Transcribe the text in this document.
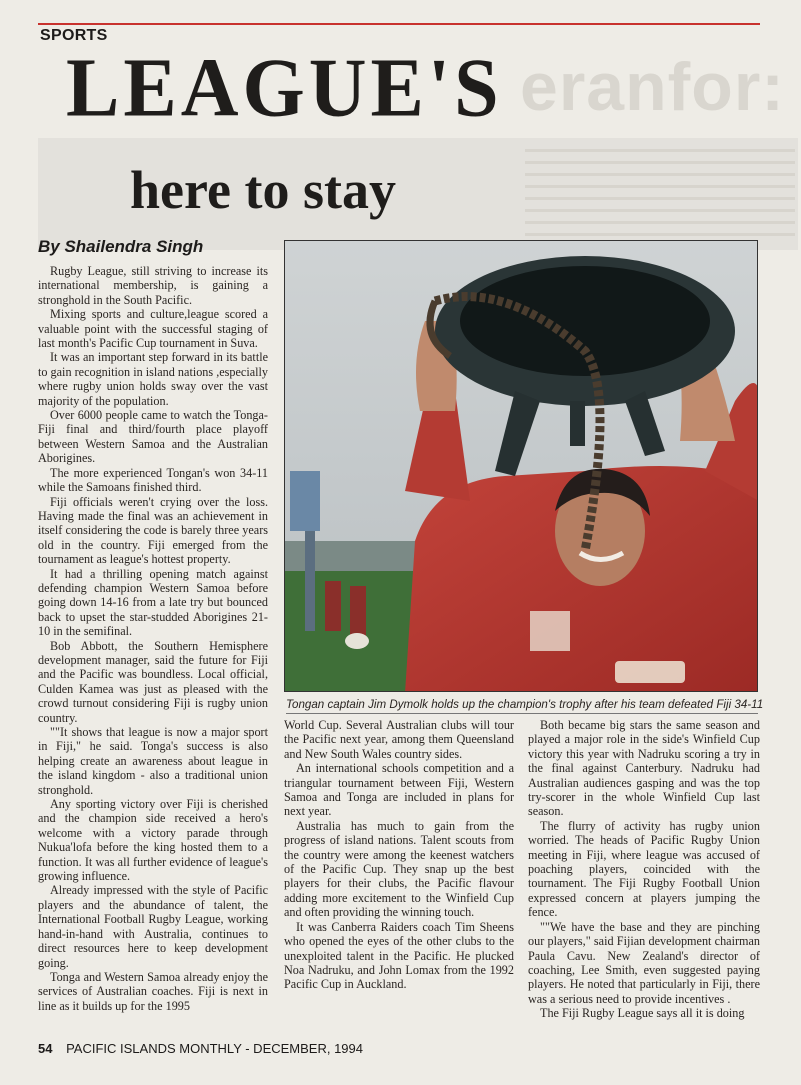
SPORTS
eranfor:
LEAGUE'S
here to stay
By Shailendra Singh

Rugby League, still striving to increase its international membership, is gaining a stronghold in the South Pacific.

Mixing sports and culture,league scored a valuable point with the successful staging of last month's Pacific Cup tournament in Suva.

It was an important step forward in its battle to gain recognition in island nations ,especially where rugby union holds sway over the vast majority of the population.

Over 6000 people came to watch the Tonga-Fiji final and third/fourth place playoff between Western Samoa and the Australian Aborigines.

The more experienced Tongan's won 34-11 while the Samoans finished third.

Fiji officials weren't crying over the loss. Having made the final was an achievement in itself considering the code is barely three years old in the country. Fiji emerged from the tournament as league's hottest property.

It had a thrilling opening match against defending champion Western Samoa before going down 14-16 from a late try but bounced back to upset the star-studded Aborigines 21-10 in the semifinal.

Bob Abbott, the Southern Hemisphere development manager, said the future for Fiji and the Pacific was boundless. Local official, Culden Kamea was just as pleased with the crowd turnout considering Fiji is rugby union country.

""It shows that league is now a major sport in Fiji," he said. Tonga's success is also helping create an awareness about league in the island kingdom - also a traditional union stronghold.

Any sporting victory over Fiji is cherished and the champion side received a hero's welcome with a victory parade through Nukua'lofa before the king hosted them to a function. It was all further evidence of league's growing influence.

Already impressed with the style of Pacific players and the abundance of talent, the International Football Rugby League, working hand-in-hand with Australia, continues to direct resources here to keep development going.

Tonga and Western Samoa already enjoy the services of Australian coaches. Fiji is next in line as it builds up for the 1995

Tongan captain Jim Dymolk holds up the champion's trophy after his team defeated Fiji 34-11

World Cup. Several Australian clubs will tour the Pacific next year, among them Queensland and New South Wales country sides.

An international schools competition and a triangular tournament between Fiji, Western Samoa and Tonga are included in plans for next year.

Australia has much to gain from the progress of island nations. Talent scouts from the country were among the keenest watchers of the Pacific Cup. They snap up the best players for their clubs, the Pacific flavour adding more excitement to the Winfield Cup and often providing the winning touch.

It was Canberra Raiders coach Tim Sheens who opened the eyes of the other clubs to the unexploited talent in the Pacific. He plucked Noa Nadruku, and John Lomax from the 1992 Pacific Cup in Auckland.

Both became big stars the same season and played a major role in the side's Winfield Cup victory this year with Nadruku scoring a try in the final against Canterbury. Nadruku had Australian audiences gasping and was the top try-scorer in the whole Winfield Cup last season.

The flurry of activity has rugby union worried. The heads of Pacific Rugby Union meeting in Fiji, where league was accused of poaching players, coincided with the tournament. The Fiji Rugby Football Union expressed concern at players jumping the fence.

""We have the base and they are pinching our players," said Fijian development chairman Paula Cavu. New Zealand's director of coaching, Lee Smith, even suggested paying players. He noted that particularly in Fiji, there was a serious need to provide incentives .

The Fiji Rugby League says all it is doing

54 PACIFIC ISLANDS MONTHLY - DECEMBER, 1994
